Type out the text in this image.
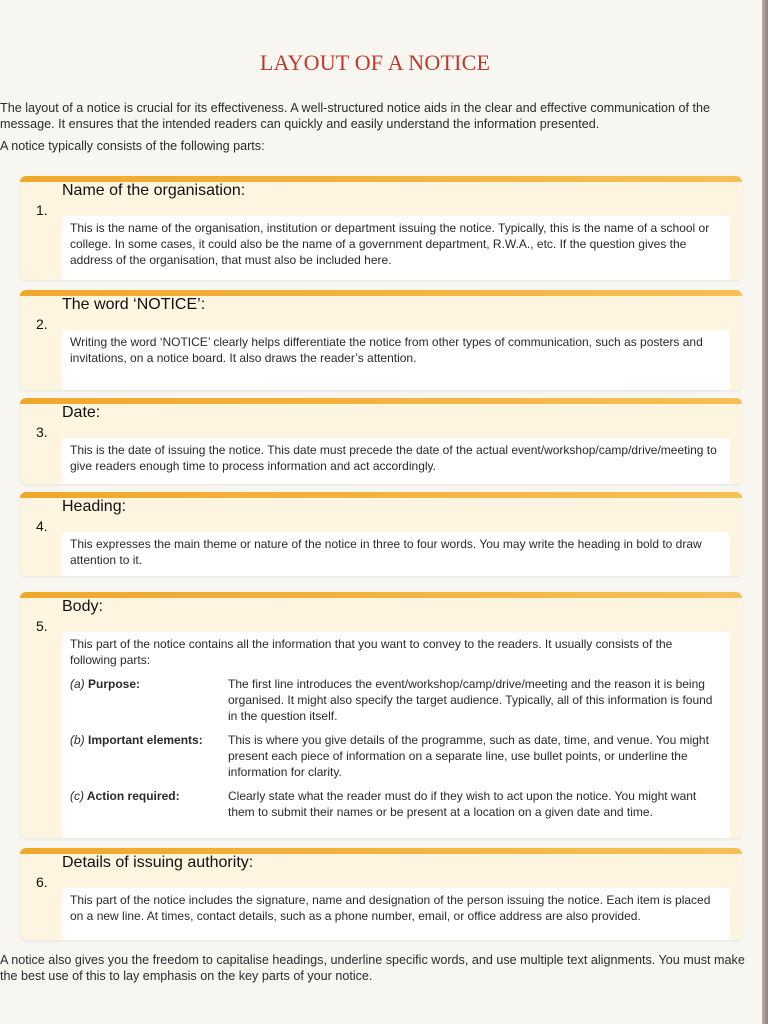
LAYOUT OF A NOTICE

The layout of a notice is crucial for its effectiveness. A well-structured notice aids in the clear and effective communication of the message. It ensures that the intended readers can quickly and easily understand the information presented.

A notice typically consists of the following parts:

Name of the organisation:
1.

This is the name of the organisation, institution or department issuing the notice. Typically, this is the name of a school or college. In some cases, it could also be the name of a government department, R.W.A., etc. If the question gives the address of the organisation, that must also be included here.

The word ‘NOTICE’:
2.

Writing the word ‘NOTICE’ clearly helps differentiate the notice from other types of communication, such as posters and invitations, on a notice board. It also draws the reader’s attention.

Date:
3.

This is the date of issuing the notice. This date must precede the date of the actual event/workshop/camp/drive/meeting to give readers enough time to process information and act accordingly.

Heading:
4.

This expresses the main theme or nature of the notice in three to four words. You may write the heading in bold to draw attention to it.

Body:
5.

This part of the notice contains all the information that you want to convey to the readers. It usually consists of the following parts:

(a) Purpose:	The first line introduces the event/workshop/camp/drive/meeting and the reason it is being organised. It might also specify the target audience. Typically, all of this information is found in the question itself.
(b) Important elements:	This is where you give details of the programme, such as date, time, and venue. You might present each piece of information on a separate line, use bullet points, or underline the information for clarity.
(c) Action required:	Clearly state what the reader must do if they wish to act upon the notice. You might want them to submit their names or be present at a location on a given date and time.
Details of issuing authority:
6.

This part of the notice includes the signature, name and designation of the person issuing the notice. Each item is placed on a new line. At times, contact details, such as a phone number, email, or office address are also provided.

A notice also gives you the freedom to capitalise headings, underline specific words, and use multiple text alignments. You must make the best use of this to lay emphasis on the key parts of your notice.
